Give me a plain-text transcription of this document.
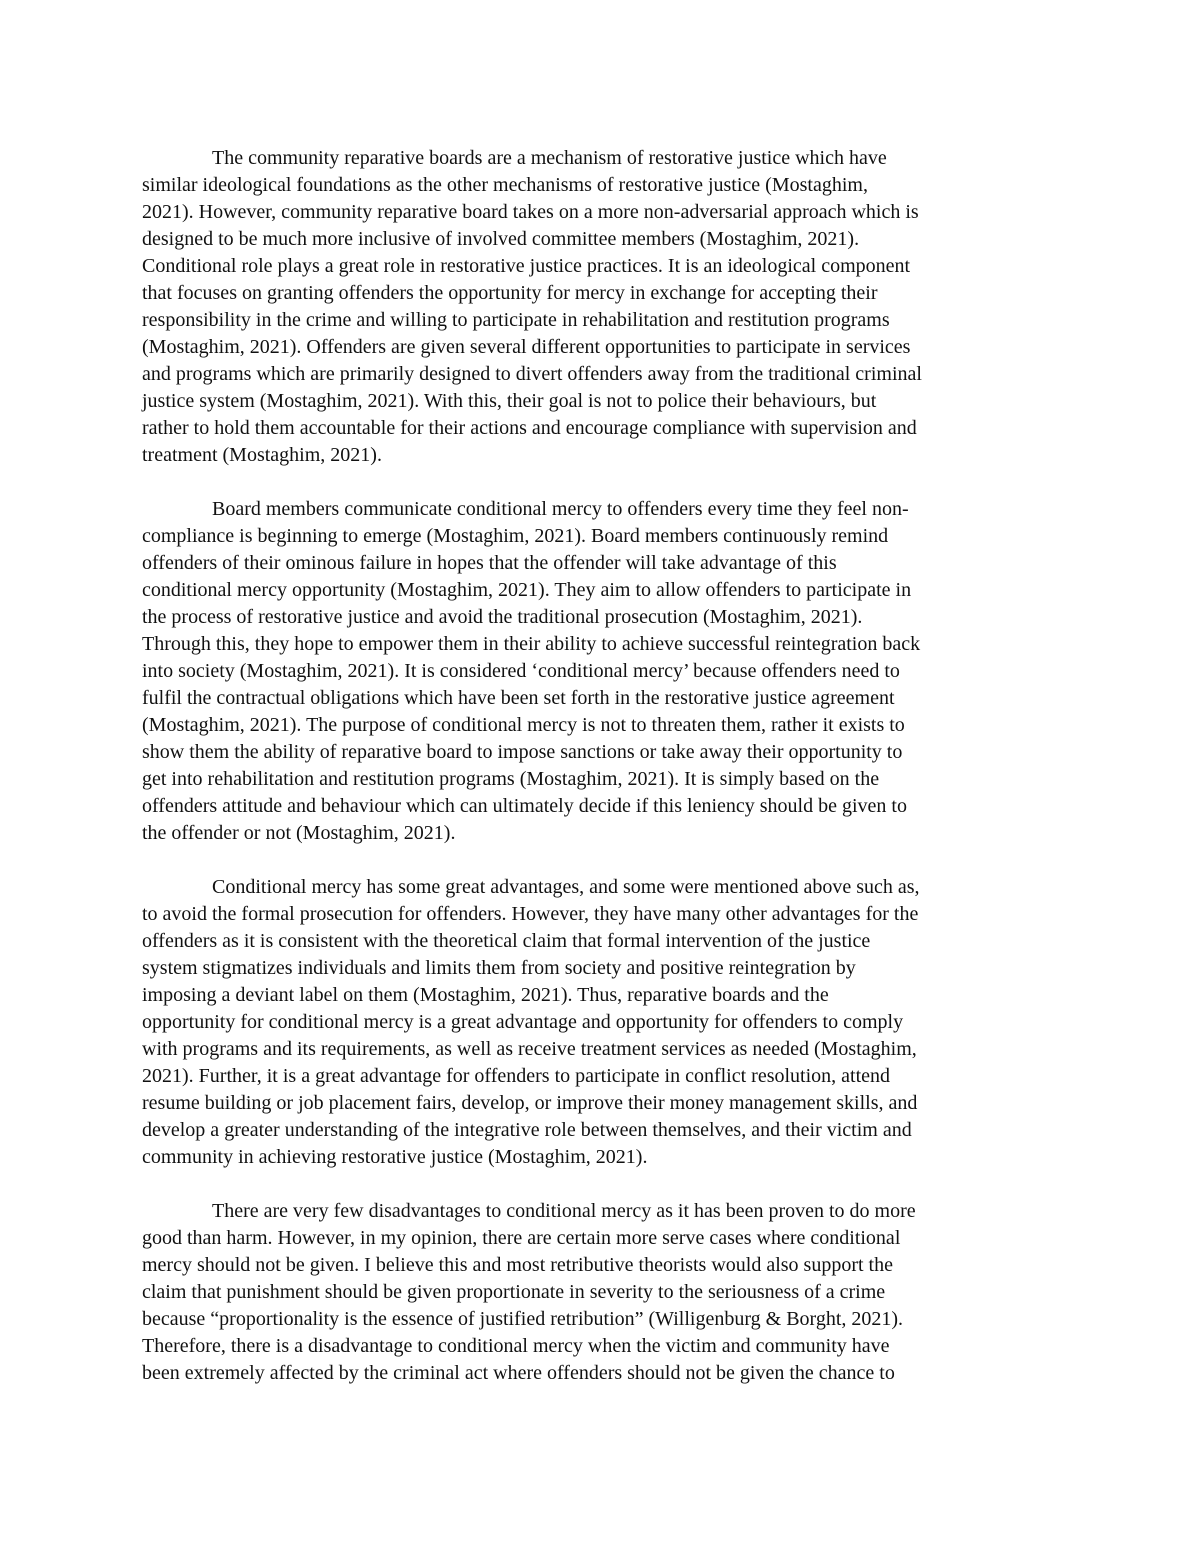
The community reparative boards are a mechanism of restorative justice which have
similar ideological foundations as the other mechanisms of restorative justice (Mostaghim,
2021). However, community reparative board takes on a more non-adversarial approach which is
designed to be much more inclusive of involved committee members (Mostaghim, 2021).
Conditional role plays a great role in restorative justice practices. It is an ideological component
that focuses on granting offenders the opportunity for mercy in exchange for accepting their
responsibility in the crime and willing to participate in rehabilitation and restitution programs
(Mostaghim, 2021). Offenders are given several different opportunities to participate in services
and programs which are primarily designed to divert offenders away from the traditional criminal
justice system (Mostaghim, 2021). With this, their goal is not to police their behaviours, but
rather to hold them accountable for their actions and encourage compliance with supervision and
treatment (Mostaghim, 2021).

Board members communicate conditional mercy to offenders every time they feel non-
compliance is beginning to emerge (Mostaghim, 2021). Board members continuously remind
offenders of their ominous failure in hopes that the offender will take advantage of this
conditional mercy opportunity (Mostaghim, 2021). They aim to allow offenders to participate in
the process of restorative justice and avoid the traditional prosecution (Mostaghim, 2021).
Through this, they hope to empower them in their ability to achieve successful reintegration back
into society (Mostaghim, 2021). It is considered ‘conditional mercy’ because offenders need to
fulfil the contractual obligations which have been set forth in the restorative justice agreement
(Mostaghim, 2021). The purpose of conditional mercy is not to threaten them, rather it exists to
show them the ability of reparative board to impose sanctions or take away their opportunity to
get into rehabilitation and restitution programs (Mostaghim, 2021). It is simply based on the
offenders attitude and behaviour which can ultimately decide if this leniency should be given to
the offender or not (Mostaghim, 2021).

Conditional mercy has some great advantages, and some were mentioned above such as,
to avoid the formal prosecution for offenders. However, they have many other advantages for the
offenders as it is consistent with the theoretical claim that formal intervention of the justice
system stigmatizes individuals and limits them from society and positive reintegration by
imposing a deviant label on them (Mostaghim, 2021). Thus, reparative boards and the
opportunity for conditional mercy is a great advantage and opportunity for offenders to comply
with programs and its requirements, as well as receive treatment services as needed (Mostaghim,
2021). Further, it is a great advantage for offenders to participate in conflict resolution, attend
resume building or job placement fairs, develop, or improve their money management skills, and
develop a greater understanding of the integrative role between themselves, and their victim and
community in achieving restorative justice (Mostaghim, 2021).

There are very few disadvantages to conditional mercy as it has been proven to do more
good than harm. However, in my opinion, there are certain more serve cases where conditional
mercy should not be given. I believe this and most retributive theorists would also support the
claim that punishment should be given proportionate in severity to the seriousness of a crime
because “proportionality is the essence of justified retribution” (Willigenburg & Borght, 2021).
Therefore, there is a disadvantage to conditional mercy when the victim and community have
been extremely affected by the criminal act where offenders should not be given the chance to
